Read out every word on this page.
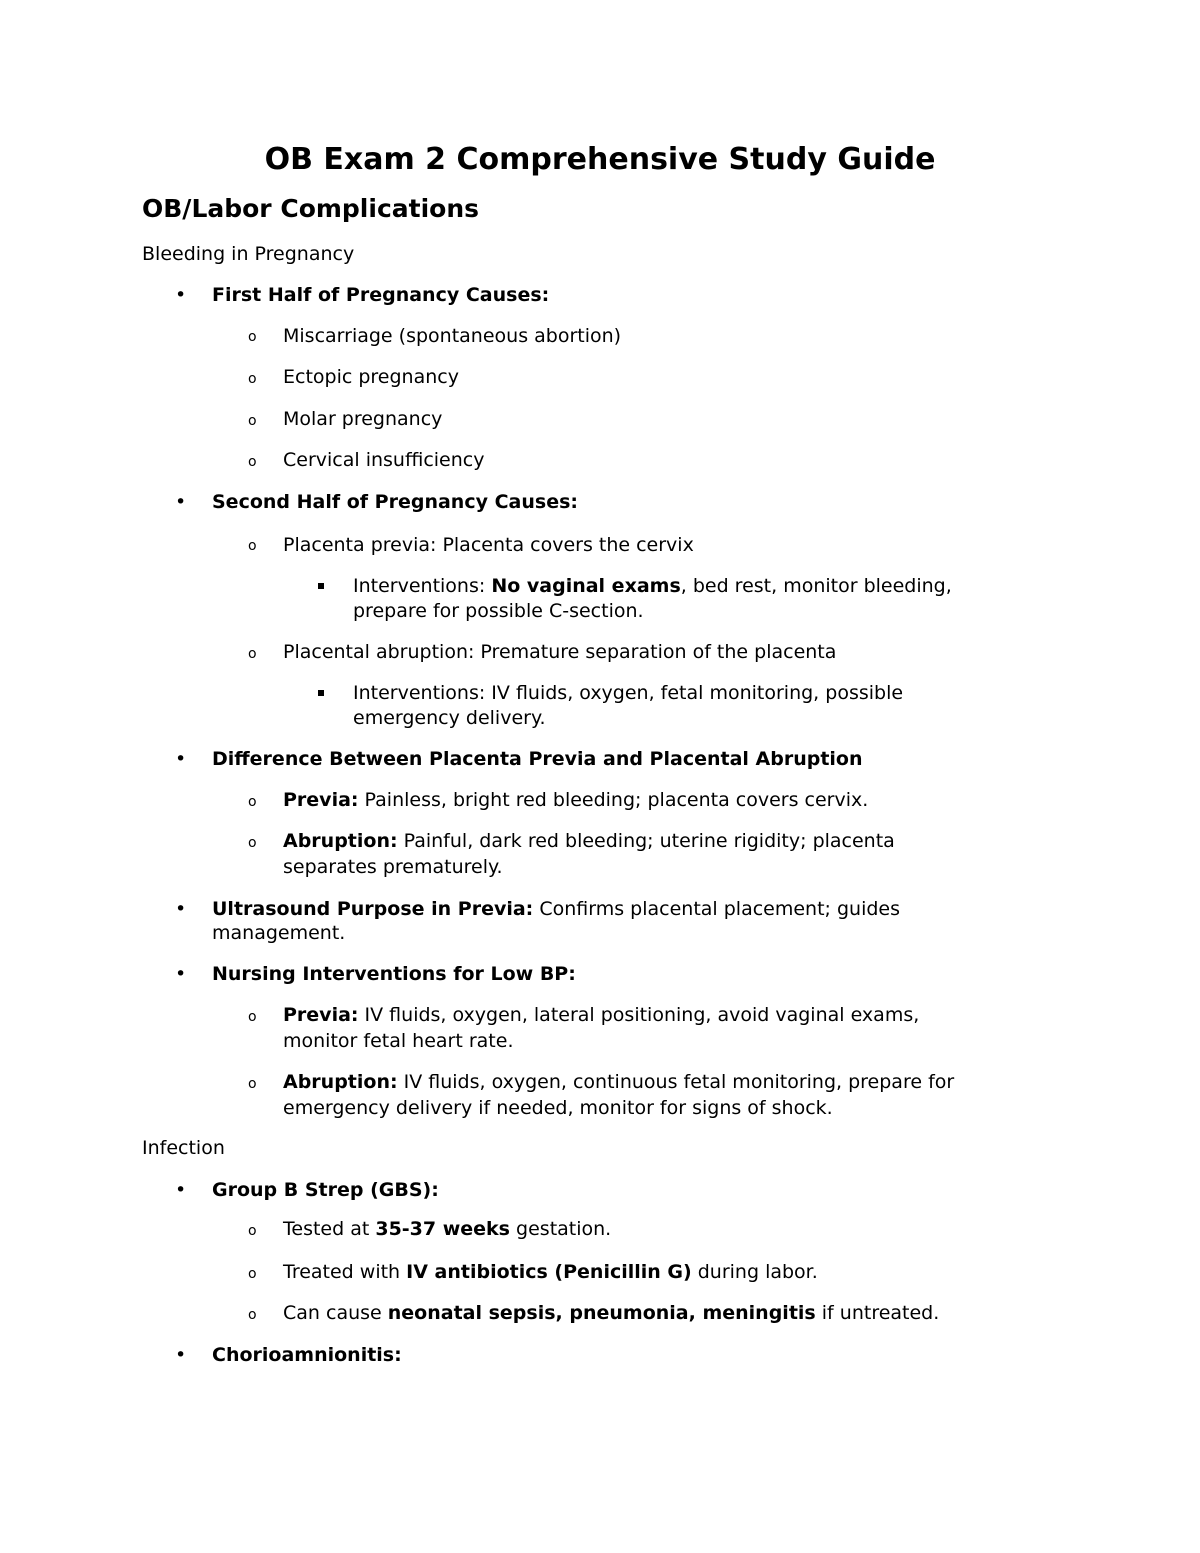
OB Exam 2 Comprehensive Study Guide
OB/Labor Complications
Bleeding in Pregnancy
• First Half of Pregnancy Causes:
o Miscarriage (spontaneous abortion)
o Ectopic pregnancy
o Molar pregnancy
o Cervical insufficiency
• Second Half of Pregnancy Causes:
o Placenta previa: Placenta covers the cervix
Interventions: No vaginal exams, bed rest, monitor bleeding,
prepare for possible C-section.
o Placental abruption: Premature separation of the placenta
Interventions: IV fluids, oxygen, fetal monitoring, possible
emergency delivery.
• Difference Between Placenta Previa and Placental Abruption
o Previa: Painless, bright red bleeding; placenta covers cervix.
o Abruption: Painful, dark red bleeding; uterine rigidity; placenta
separates prematurely.
• Ultrasound Purpose in Previa: Confirms placental placement; guides
management.
• Nursing Interventions for Low BP:
o Previa: IV fluids, oxygen, lateral positioning, avoid vaginal exams,
monitor fetal heart rate.
o Abruption: IV fluids, oxygen, continuous fetal monitoring, prepare for
emergency delivery if needed, monitor for signs of shock.
Infection
• Group B Strep (GBS):
o Tested at 35-37 weeks gestation.
o Treated with IV antibiotics (Penicillin G) during labor.
o Can cause neonatal sepsis, pneumonia, meningitis if untreated.
• Chorioamnionitis:
